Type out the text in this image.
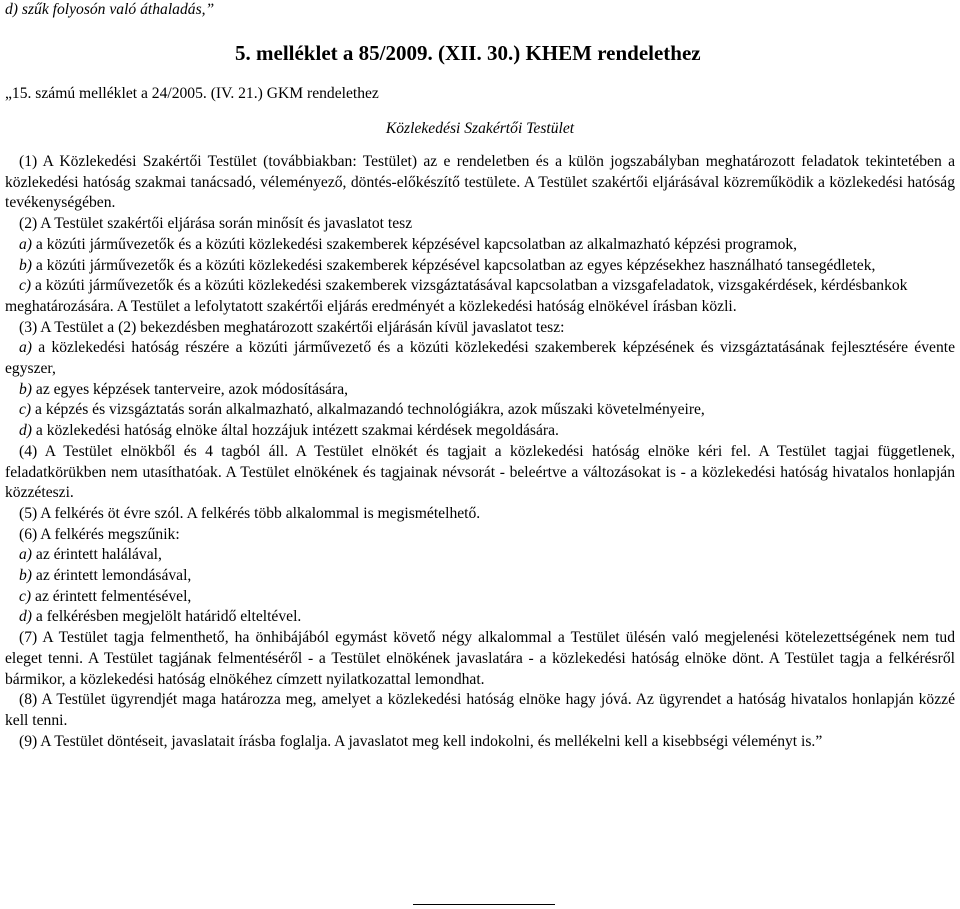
d) szűk folyosón való áthaladás,”
5. melléklet a 85/2009. (XII. 30.) KHEM rendelethez
„15. számú melléklet a 24/2005. (IV. 21.) GKM rendelethez
Közlekedési Szakértői Testület

(1) A Közlekedési Szakértői Testület (továbbiakban: Testület) az e rendeletben és a külön jogszabályban meghatározott feladatok tekintetében a közlekedési hatóság szakmai tanácsadó, véleményező, döntés-előkészítő testülete. A Testület szakértői eljárásával közreműködik a közlekedési hatóság tevékenységében.

(2) A Testület szakértői eljárása során minősít és javaslatot tesz

a) a közúti járművezetők és a közúti közlekedési szakemberek képzésével kapcsolatban az alkalmazható képzési programok,

b) a közúti járművezetők és a közúti közlekedési szakemberek képzésével kapcsolatban az egyes képzésekhez használható tansegédletek,

c) a közúti járművezetők és a közúti közlekedési szakemberek vizsgáztatásával kapcsolatban a vizsgafeladatok, vizsgakérdések, kérdésbankok

meghatározására. A Testület a lefolytatott szakértői eljárás eredményét a közlekedési hatóság elnökével írásban közli.

(3) A Testület a (2) bekezdésben meghatározott szakértői eljárásán kívül javaslatot tesz:

a) a közlekedési hatóság részére a közúti járművezető és a közúti közlekedési szakemberek képzésének és vizsgáztatásának fejlesztésére évente egyszer,

b) az egyes képzések tanterveire, azok módosítására,

c) a képzés és vizsgáztatás során alkalmazható, alkalmazandó technológiákra, azok műszaki követelményeire,

d) a közlekedési hatóság elnöke által hozzájuk intézett szakmai kérdések megoldására.

(4) A Testület elnökből és 4 tagból áll. A Testület elnökét és tagjait a közlekedési hatóság elnöke kéri fel. A Testület tagjai függetlenek, feladatkörükben nem utasíthatóak. A Testület elnökének és tagjainak névsorát - beleértve a változásokat is - a közlekedési hatóság hivatalos honlapján közzéteszi.

(5) A felkérés öt évre szól. A felkérés több alkalommal is megismételhető.

(6) A felkérés megszűnik:

a) az érintett halálával,

b) az érintett lemondásával,

c) az érintett felmentésével,

d) a felkérésben megjelölt határidő elteltével.

(7) A Testület tagja felmenthető, ha önhibájából egymást követő négy alkalommal a Testület ülésén való megjelenési kötelezettségének nem tud eleget tenni. A Testület tagjának felmentéséről - a Testület elnökének javaslatára - a közlekedési hatóság elnöke dönt. A Testület tagja a felkérésről bármikor, a közlekedési hatóság elnökéhez címzett nyilatkozattal lemondhat.

(8) A Testület ügyrendjét maga határozza meg, amelyet a közlekedési hatóság elnöke hagy jóvá. Az ügyrendet a hatóság hivatalos honlapján közzé kell tenni.

(9) A Testület döntéseit, javaslatait írásba foglalja. A javaslatot meg kell indokolni, és mellékelni kell a kisebbségi véleményt is.”
